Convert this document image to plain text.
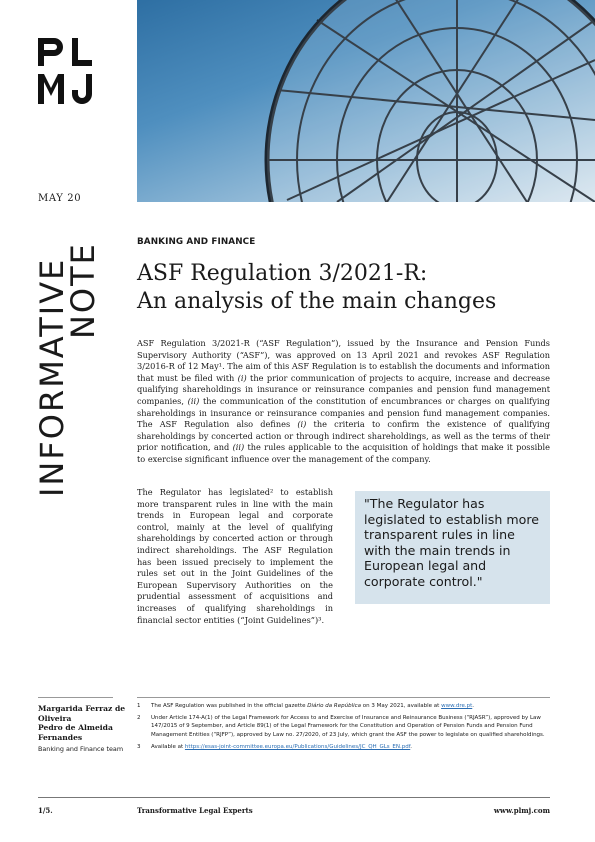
MAY 20
INFORMATIVE
NOTE
BANKING AND FINANCE
ASF Regulation 3/2021-R:
An analysis of the main changes
ASF Regulation 3/2021-R (“ASF Regulation”), issued by the Insurance and Pension Funds Supervisory Authority (“ASF”), was approved on 13 April 2021 and revokes ASF Regulation 3/2016-R of 12 May¹. The aim of this ASF Regulation is to establish the documents and information that must be filed with (i) the prior communication of projects to acquire, increase and decrease qualifying shareholdings in insurance or reinsurance companies and pension fund management companies, (ii) the communication of the constitution of encumbrances or charges on qualifying shareholdings in insurance or reinsurance companies and pension fund management companies. The ASF Regulation also defines (i) the criteria to confirm the existence of qualifying shareholdings by concerted action or through indirect shareholdings, as well as the terms of their prior notification, and (ii) the rules applicable to the acquisition of holdings that make it possible to exercise significant influence over the management of the company.
The Regulator has legislated² to establish more transparent rules in line with the main trends in European legal and corporate control, mainly at the level of qualifying shareholdings by concerted action or through indirect shareholdings. The ASF Regulation has been issued precisely to implement the rules set out in the Joint Guidelines of the European Supervisory Authorities on the prudential assessment of acquisitions and increases of qualifying shareholdings in financial sector entities (“Joint Guidelines”)³.
"The Regulator has legislated to establish more transparent rules in line with the main trends in European legal and corporate control."
Margarida Ferraz de Oliveira
Pedro de Almeida Fernandes
Banking and Finance team
1	The ASF Regulation was published in the official gazette Diário da República on 3 May 2021, available at www.dre.pt.
2	Under Article 174-A(1) of the Legal Framework for Access to and Exercise of Insurance and Reinsurance Business (“RJASR”), approved by Law 147/2015 of 9 September, and Article 89(1) of the Legal Framework for the Constitution and Operation of Pension Funds and Pension Fund Management Entities (“RJFP”), approved by Law no. 27/2020, of 23 July, which grant the ASF the power to legislate on qualified shareholdings.
3	Available at https://esas-joint-committee.europa.eu/Publications/Guidelines/JC_QH_GLs_EN.pdf.
1/5.	Transformative Legal Experts	www.plmj.com
